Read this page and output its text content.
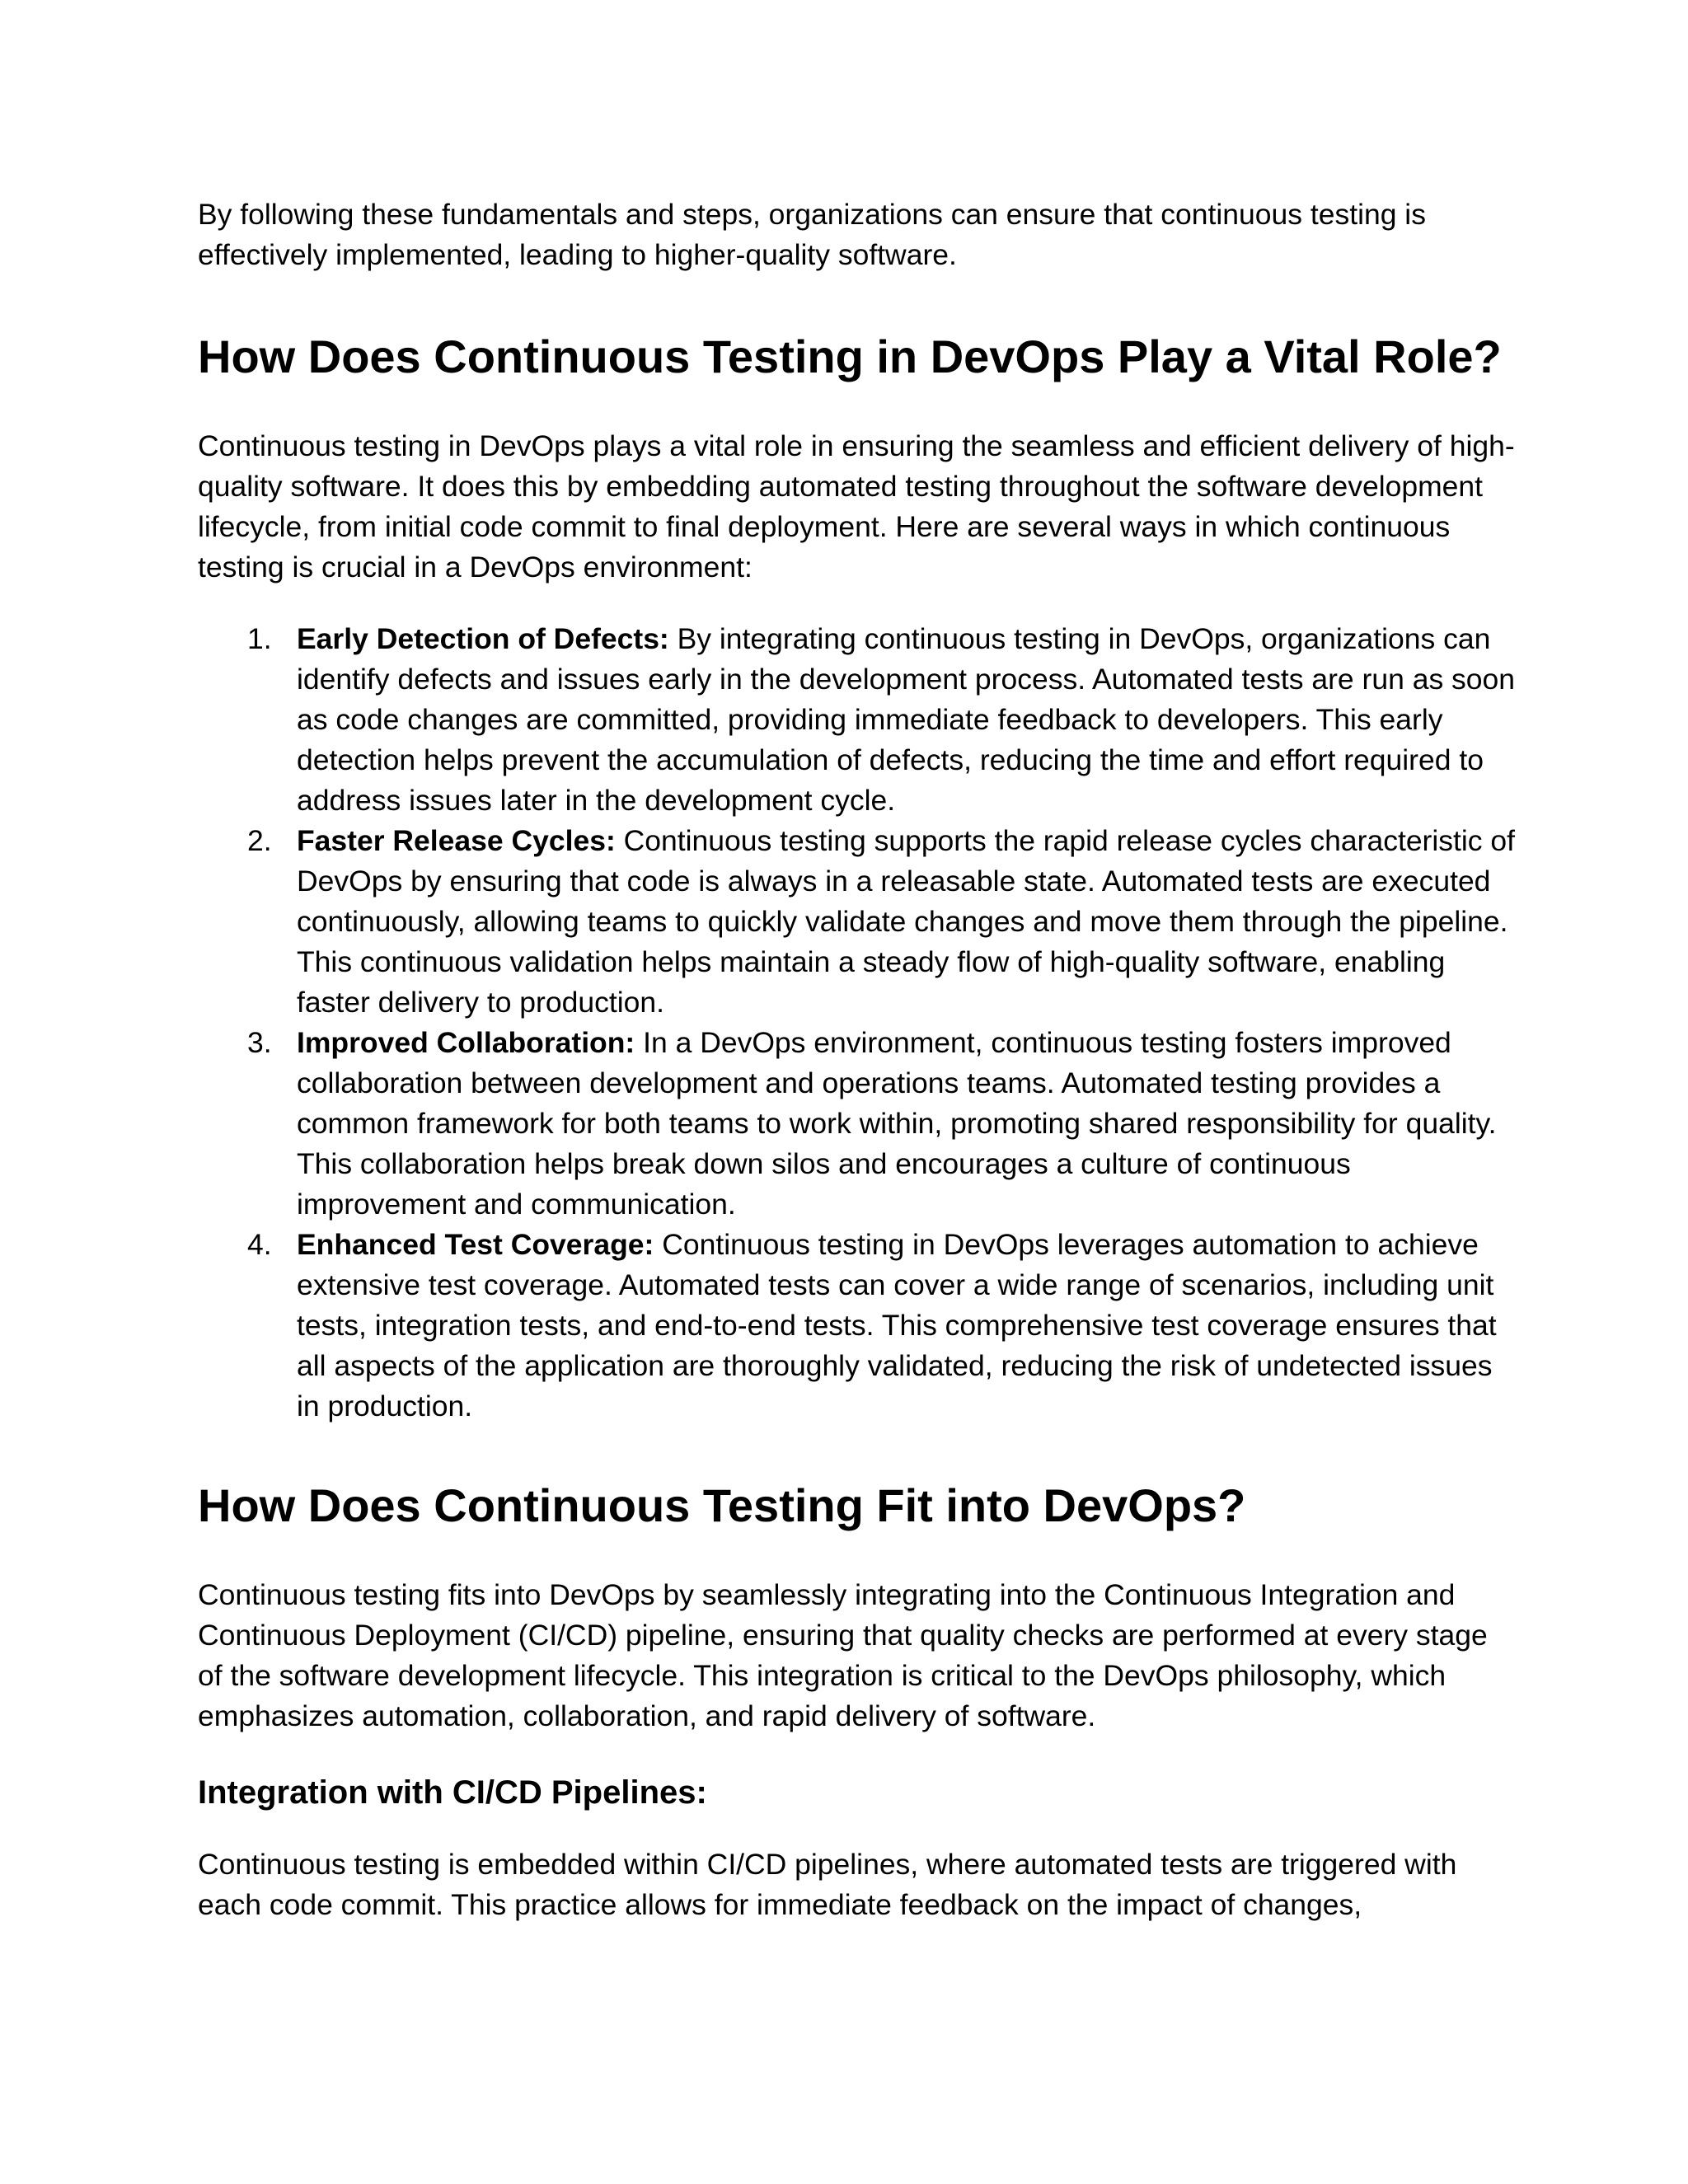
By following these fundamentals and steps, organizations can ensure that continuous testing is effectively implemented, leading to higher-quality software.

How Does Continuous Testing in DevOps Play a Vital Role?

Continuous testing in DevOps plays a vital role in ensuring the seamless and efficient delivery of high-quality software. It does this by embedding automated testing throughout the software development lifecycle, from initial code commit to final deployment. Here are several ways in which continuous testing is crucial in a DevOps environment:

1. Early Detection of Defects: By integrating continuous testing in DevOps, organizations can identify defects and issues early in the development process. Automated tests are run as soon as code changes are committed, providing immediate feedback to developers. This early detection helps prevent the accumulation of defects, reducing the time and effort required to address issues later in the development cycle.
2. Faster Release Cycles: Continuous testing supports the rapid release cycles characteristic of DevOps by ensuring that code is always in a releasable state. Automated tests are executed continuously, allowing teams to quickly validate changes and move them through the pipeline. This continuous validation helps maintain a steady flow of high-quality software, enabling faster delivery to production.
3. Improved Collaboration: In a DevOps environment, continuous testing fosters improved collaboration between development and operations teams. Automated testing provides a common framework for both teams to work within, promoting shared responsibility for quality. This collaboration helps break down silos and encourages a culture of continuous improvement and communication.
4. Enhanced Test Coverage: Continuous testing in DevOps leverages automation to achieve extensive test coverage. Automated tests can cover a wide range of scenarios, including unit tests, integration tests, and end-to-end tests. This comprehensive test coverage ensures that all aspects of the application are thoroughly validated, reducing the risk of undetected issues in production.
How Does Continuous Testing Fit into DevOps?

Continuous testing fits into DevOps by seamlessly integrating into the Continuous Integration and Continuous Deployment (CI/CD) pipeline, ensuring that quality checks are performed at every stage of the software development lifecycle. This integration is critical to the DevOps philosophy, which emphasizes automation, collaboration, and rapid delivery of software.

Integration with CI/CD Pipelines:

Continuous testing is embedded within CI/CD pipelines, where automated tests are triggered with each code commit. This practice allows for immediate feedback on the impact of changes,
